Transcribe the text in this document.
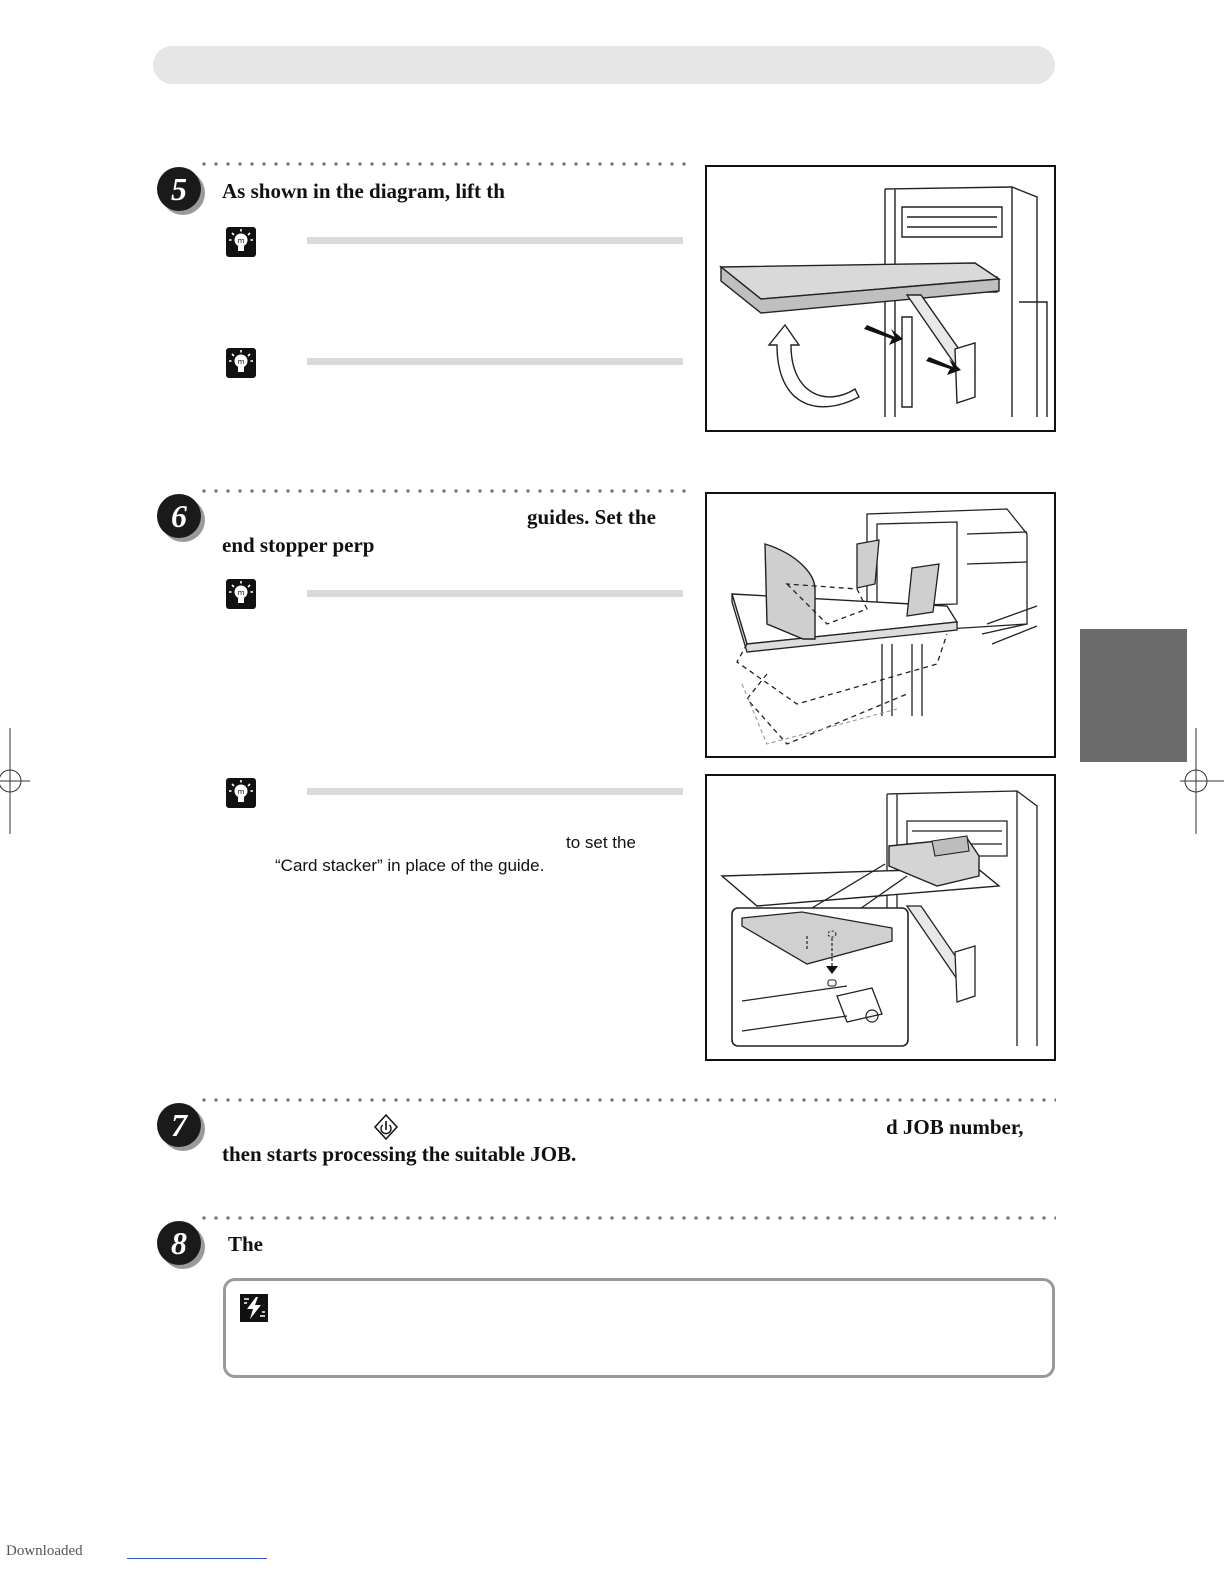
5	As shown in the diagram, lift th
m
m
6	guides. Set the
end stopper perp
m
m
to set the
“Card stacker” in place of the guide.
7	d JOB number,
then starts processing the suitable JOB.
8	The
Downloaded
